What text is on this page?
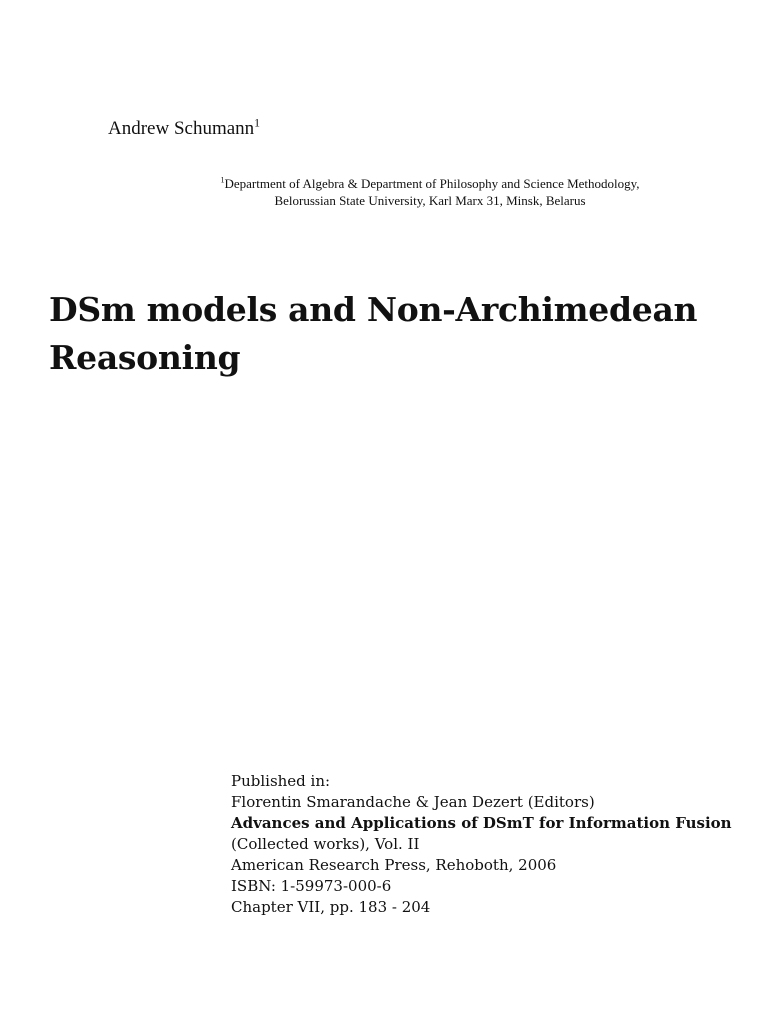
Andrew Schumann$^1$
$^1$Department of Algebra & Department of Philosophy and Science Methodology,
Belorussian State University, Karl Marx 31, Minsk, Belarus
DSm models and Non-Archimedean
Reasoning
Published in:
Florentin Smarandache & Jean Dezert (Editors)
Advances and Applications of DSmT for Information Fusion
(Collected works), Vol. II
American Research Press, Rehoboth, 2006
ISBN: 1-59973-000-6
Chapter VII, pp. 183 - 204
